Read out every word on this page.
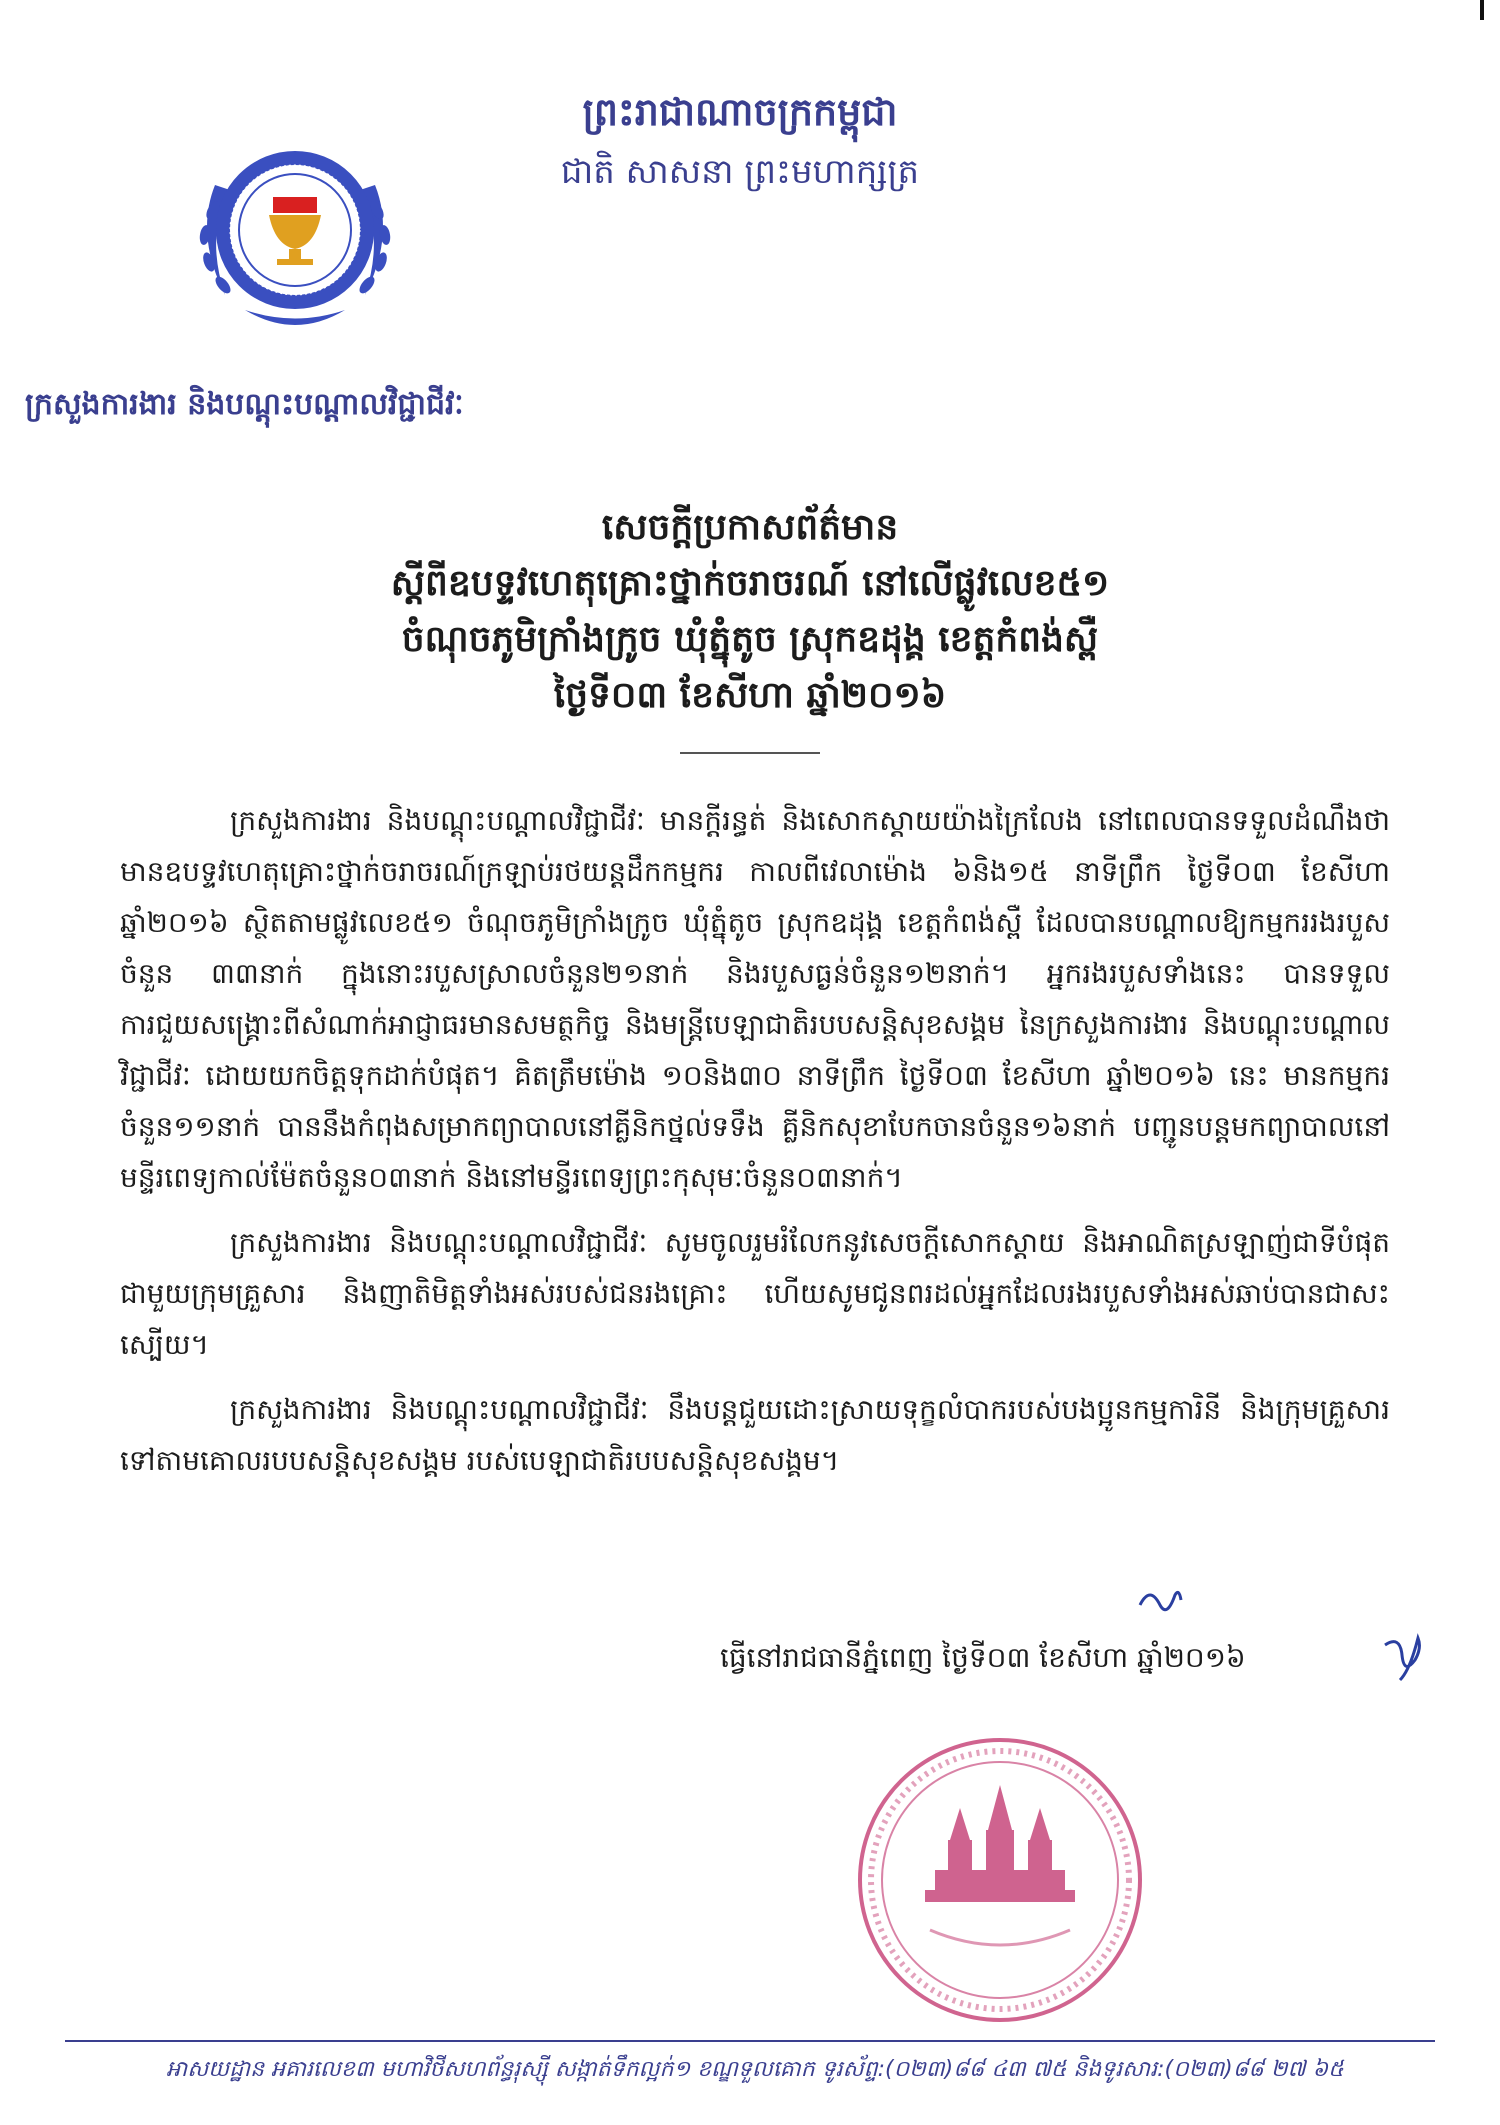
ព្រះរាជាណាចក្រកម្ពុជា
ជាតិ សាសនា ព្រះមហាក្សត្រ
ក្រសួងការងារ និងបណ្តុះបណ្តាលវិជ្ជាជីវៈ
សេចក្តីប្រកាសព័ត៌មាន
ស្តីពីឧបទ្ទវហេតុគ្រោះថ្នាក់ចរាចរណ៍ នៅលើផ្លូវលេខ៥១
ចំណុចភូមិក្រាំងក្រូច ឃុំត្នុំតូច ស្រុកឧដុង្គ ខេត្តកំពង់ស្ពឺ
ថ្ងៃទី០៣ ខែសីហា ឆ្នាំ២០១៦

ក្រសួងការងារ និងបណ្តុះបណ្តាលវិជ្ជាជីវៈ មានក្តីរន្ធត់ និងសោកស្តាយយ៉ាងក្រៃលែង នៅពេលបានទទួលដំណឹងថា មានឧបទ្ទវហេតុគ្រោះថ្នាក់ចរាចរណ៍ក្រឡាប់រថយន្តដឹកកម្មករ កាលពីវេលាម៉ោង ៦និង១៥ នាទីព្រឹក ថ្ងៃទី០៣ ខែសីហា ឆ្នាំ២០១៦ ស្ថិតតាមផ្លូវលេខ៥១ ចំណុចភូមិក្រាំងក្រូច ឃុំត្នុំតូច ស្រុកឧដុង្គ ខេត្តកំពង់ស្ពឺ ដែលបានបណ្តាលឱ្យកម្មកររងរបួសចំនួន ៣៣នាក់ ក្នុងនោះរបួសស្រាលចំនួន២១នាក់ និងរបួសធ្ងន់ចំនួន១២នាក់។ អ្នករងរបួសទាំងនេះ បានទទួលការជួយសង្គ្រោះពីសំណាក់អាជ្ញាធរមានសមត្ថកិច្ច និងមន្ត្រីបេឡាជាតិរបបសន្តិសុខសង្គម នៃក្រសួងការងារ និងបណ្តុះបណ្តាលវិជ្ជាជីវៈ ដោយយកចិត្តទុកដាក់បំផុត។ គិតត្រឹមម៉ោង ១០និង៣០ នាទីព្រឹក ថ្ងៃទី០៣ ខែសីហា ឆ្នាំ២០១៦ នេះ មានកម្មករចំនួន១១នាក់ បាននឹងកំពុងសម្រាកព្យាបាលនៅគ្លីនិកថ្នល់ទទឹង គ្លីនិកសុខាបែកចានចំនួន១៦នាក់ បញ្ជូនបន្តមកព្យាបាលនៅមន្ទីរពេទ្យកាល់ម៉ែតចំនួន០៣នាក់ និងនៅមន្ទីរពេទ្យព្រះកុសុមៈចំនួន០៣នាក់។

ក្រសួងការងារ និងបណ្តុះបណ្តាលវិជ្ជាជីវៈ សូមចូលរួមរំលែកនូវសេចក្តីសោកស្តាយ និងអាណិតស្រឡាញ់ជាទីបំផុតជាមួយក្រុមគ្រួសារ និងញាតិមិត្តទាំងអស់របស់ជនរងគ្រោះ ហើយសូមជូនពរដល់អ្នកដែលរងរបួសទាំងអស់ឆាប់បានជាសះស្បើយ។

ក្រសួងការងារ និងបណ្តុះបណ្តាលវិជ្ជាជីវៈ នឹងបន្តជួយដោះស្រាយទុក្ខលំបាករបស់បងប្អូនកម្មការិនី និងក្រុមគ្រួសារទៅតាមគោលរបបសន្តិសុខសង្គម របស់បេឡាជាតិរបបសន្តិសុខសង្គម។

ធ្វើនៅរាជធានីភ្នំពេញ ថ្ងៃទី០៣ ខែសីហា ឆ្នាំ២០១៦
អាសយដ្ឋាន អគារលេខ៣ មហាវិថីសហព័ន្ធរុស្ស៊ី សង្កាត់ទឹកល្អក់១ ខណ្ឌទួលគោក ទូរស័ព្ទ:(០២៣)៨៨ ៤៣ ៧៥ និងទូរសារ:(០២៣)៨៨ ២៧ ៦៥
